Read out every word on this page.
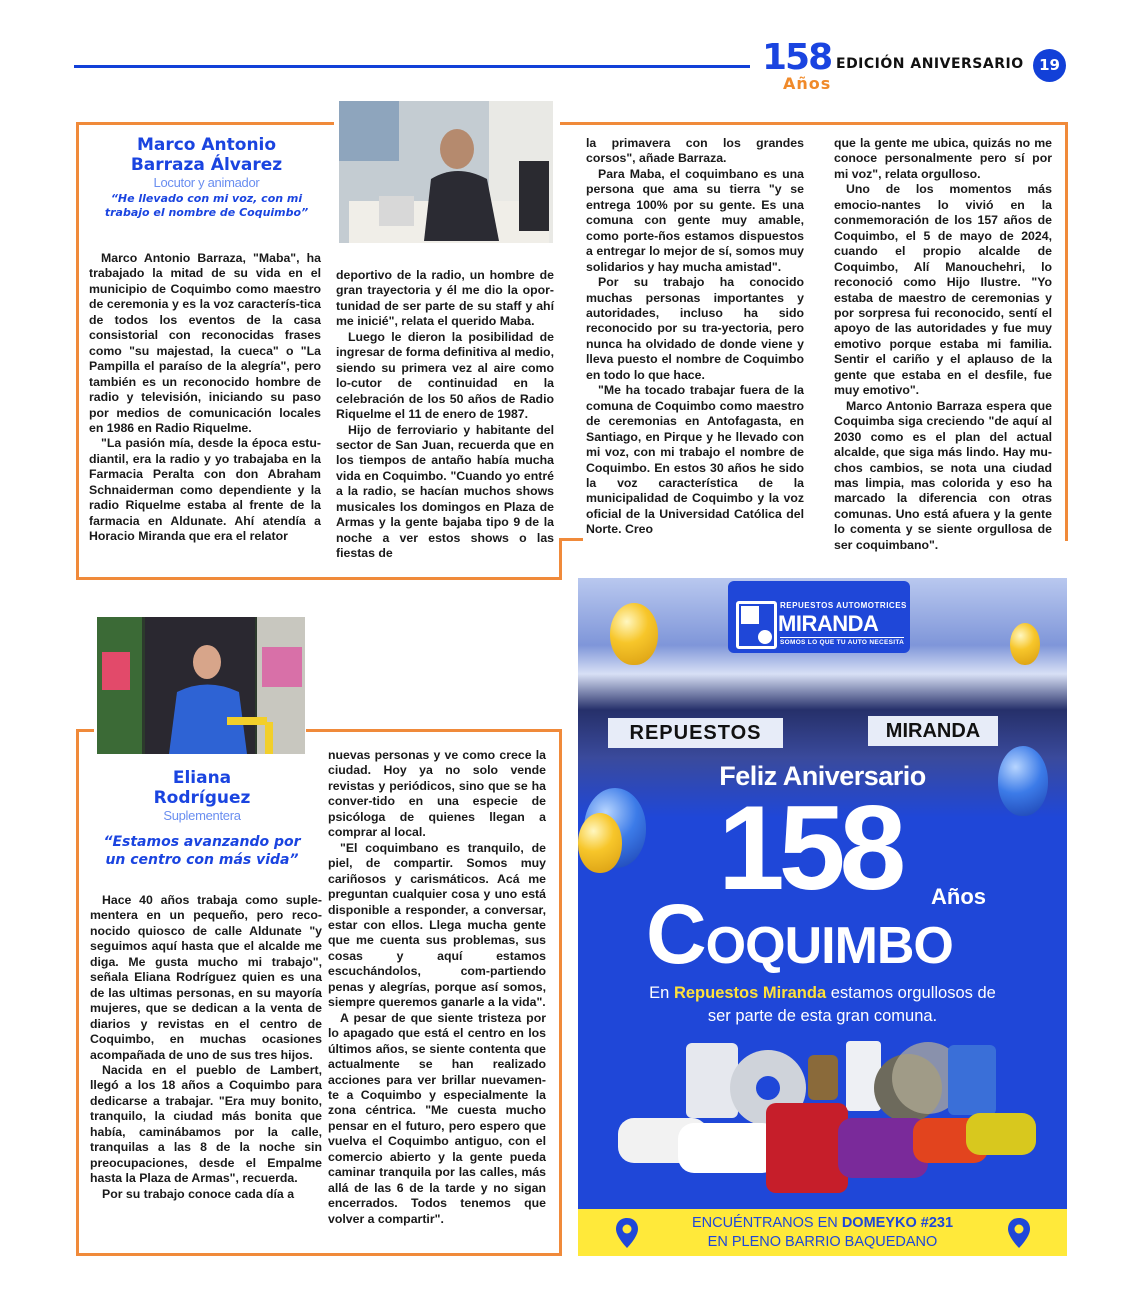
158
Años
EDICIÓN ANIVERSARIO	19
Marco Antonio
Barraza Álvarez
Locutor y animador
“He llevado con mi voz, con mi
trabajo el nombre de Coquimbo”

Marco Antonio Barraza, "Maba", ha trabajado la mitad de su vida en el municipio de Coquimbo como maestro de ceremonia y es la voz caracterís-tica de todos los eventos de la casa consistorial con reconocidas frases como "su majestad, la cueca" o "La Pampilla el paraíso de la alegría", pero también es un reconocido hombre de radio y televisión, iniciando su paso por medios de comunicación locales en 1986 en Radio Riquelme.

"La pasión mía, desde la época estu-diantil, era la radio y yo trabajaba en la Farmacia Peralta con don Abraham Schnaiderman como dependiente y la radio Riquelme estaba al frente de la farmacia en Aldunate. Ahí atendía a Horacio Miranda que era el relator

deportivo de la radio, un hombre de gran trayectoria y él me dio la opor-tunidad de ser parte de su staff y ahí me inicié", relata el querido Maba.

Luego le dieron la posibilidad de ingresar de forma definitiva al medio, siendo su primera vez al aire como lo-cutor de continuidad en la celebración de los 50 años de Radio Riquelme el 11 de enero de 1987.

Hijo de ferroviario y habitante del sector de San Juan, recuerda que en los tiempos de antaño había mucha vida en Coquimbo. "Cuando yo entré a la radio, se hacían muchos shows musicales los domingos en Plaza de Armas y la gente bajaba tipo 9 de la noche a ver estos shows o las fiestas de

la primavera con los grandes corsos", añade Barraza.

Para Maba, el coquimbano es una persona que ama su tierra "y se entrega 100% por su gente. Es una comuna con gente muy amable, como porte-ños estamos dispuestos a entregar lo mejor de sí, somos muy solidarios y hay mucha amistad".

Por su trabajo ha conocido muchas personas importantes y autoridades, incluso ha sido reconocido por su tra-yectoria, pero nunca ha olvidado de donde viene y lleva puesto el nombre de Coquimbo en todo lo que hace.

"Me ha tocado trabajar fuera de la comuna de Coquimbo como maestro de ceremonias en Antofagasta, en Santiago, en Pirque y he llevado con mi voz, con mi trabajo el nombre de Coquimbo. En estos 30 años he sido la voz característica de la municipalidad de Coquimbo y la voz oficial de la Universidad Católica del Norte. Creo

que la gente me ubica, quizás no me conoce personalmente pero sí por mi voz", relata orgulloso.

Uno de los momentos más emocio-nantes lo vivió en la conmemoración de los 157 años de Coquimbo, el 5 de mayo de 2024, cuando el propio alcalde de Coquimbo, Alí Manouchehri, lo reconoció como Hijo Ilustre. "Yo estaba de maestro de ceremonias y por sorpresa fui reconocido, sentí el apoyo de las autoridades y fue muy emotivo porque estaba mi familia. Sentir el cariño y el aplauso de la gente que estaba en el desfile, fue muy emotivo".

Marco Antonio Barraza espera que Coquimba siga creciendo "de aquí al 2030 como es el plan del actual alcalde, que siga más lindo. Hay mu-chos cambios, se nota una ciudad mas limpia, mas colorida y eso ha marcado la diferencia con otras comunas. Uno está afuera y la gente lo comenta y se siente orgullosa de ser coquimbano".

Eliana
Rodríguez
Suplementera
“Estamos avanzando por
un centro con más vida”

Hace 40 años trabaja como suple-mentera en un pequeño, pero reco-nocido quiosco de calle Aldunate "y seguimos aquí hasta que el alcalde me diga. Me gusta mucho mi trabajo", señala Eliana Rodríguez quien es una de las ultimas personas, en su mayoría mujeres, que se dedican a la venta de diarios y revistas en el centro de Coquimbo, en muchas ocasiones acompañada de uno de sus tres hijos.

Nacida en el pueblo de Lambert, llegó a los 18 años a Coquimbo para dedicarse a trabajar. "Era muy bonito, tranquilo, la ciudad más bonita que había, caminábamos por la calle, tranquilas a las 8 de la noche sin preocupaciones, desde el Empalme hasta la Plaza de Armas", recuerda.

Por su trabajo conoce cada día a

nuevas personas y ve como crece la ciudad. Hoy ya no solo vende revistas y periódicos, sino que se ha conver-tido en una especie de psicóloga de quienes llegan a comprar al local.

"El coquimbano es tranquilo, de piel, de compartir. Somos muy cariñosos y carismáticos. Acá me preguntan cualquier cosa y uno está disponible a responder, a conversar, estar con ellos. Llega mucha gente que me cuenta sus problemas, sus cosas y aquí estamos escuchándolos, com-partiendo penas y alegrías, porque así somos, siempre queremos ganarle a la vida".

A pesar de que siente tristeza por lo apagado que está el centro en los últimos años, se siente contenta que actualmente se han realizado acciones para ver brillar nuevamen-te a Coquimbo y especialmente la zona céntrica. "Me cuesta mucho pensar en el futuro, pero espero que vuelva el Coquimbo antiguo, con el comercio abierto y la gente pueda caminar tranquila por las calles, más allá de las 6 de la tarde y no sigan encerrados. Todos tenemos que volver a compartir".

REPUESTOS	MIRANDA
REPUESTOS AUTOMOTRICES
MIRANDA
SOMOS LO QUE TU AUTO NECESITA
Feliz Aniversario
158 Años
COQUIMBO
En Repuestos Miranda estamos orgullosos de
ser parte de esta gran comuna.
ENCUÉNTRANOS EN DOMEYKO #231
EN PLENO BARRIO BAQUEDANO
